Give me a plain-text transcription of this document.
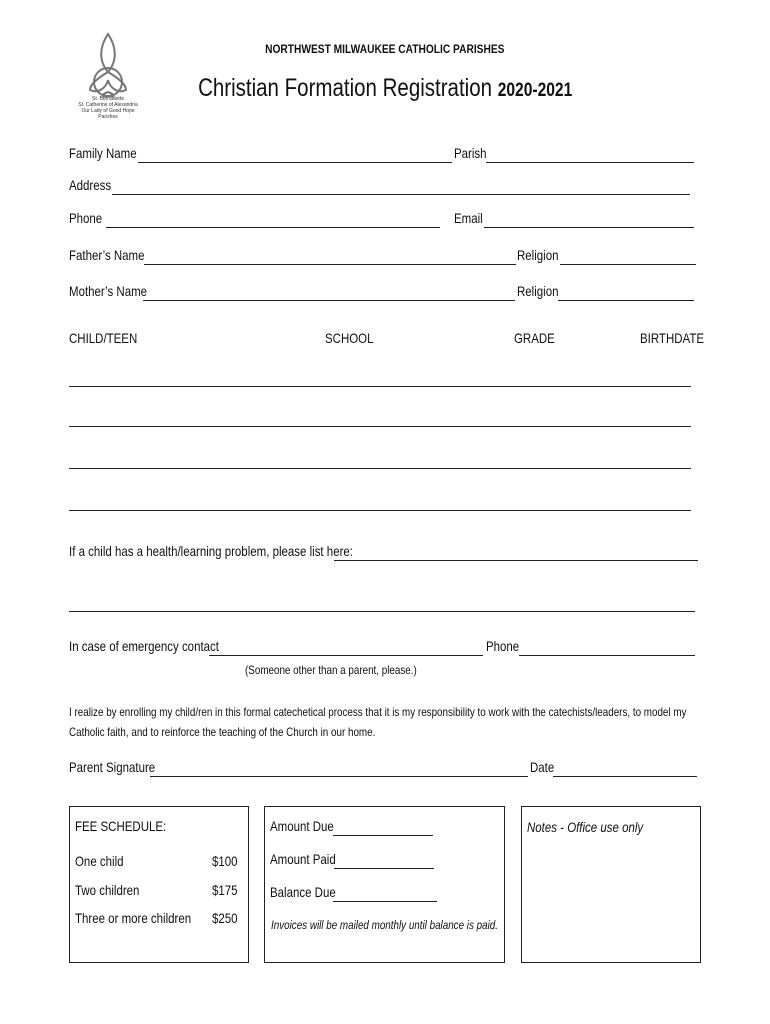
St. Bernadette
St. Catherine of Alexandria
Our Lady of Good Hope Parishes
NORTHWEST MILWAUKEE CATHOLIC PARISHES
Christian Formation Registration 2020-2021
Family Name	Parish
Address
Phone	Email
Father’s Name	Religion
Mother’s Name	Religion
CHILD/TEEN	SCHOOL	GRADE	BIRTHDATE
If a child has a health/learning problem, please list here:
In case of emergency contact	Phone
(Someone other than a parent, please.)
I realize by enrolling my child/ren in this formal catechetical process that it is my responsibility to work with the catechists/leaders, to model my Catholic faith, and to reinforce the teaching of the Church in our home.
Parent Signature	Date
FEE SCHEDULE:
One child	$100
Two children	$175
Three or more children	$250
Amount Due
Amount Paid
Balance Due
Invoices will be mailed monthly until balance is paid.
Notes - Office use only
